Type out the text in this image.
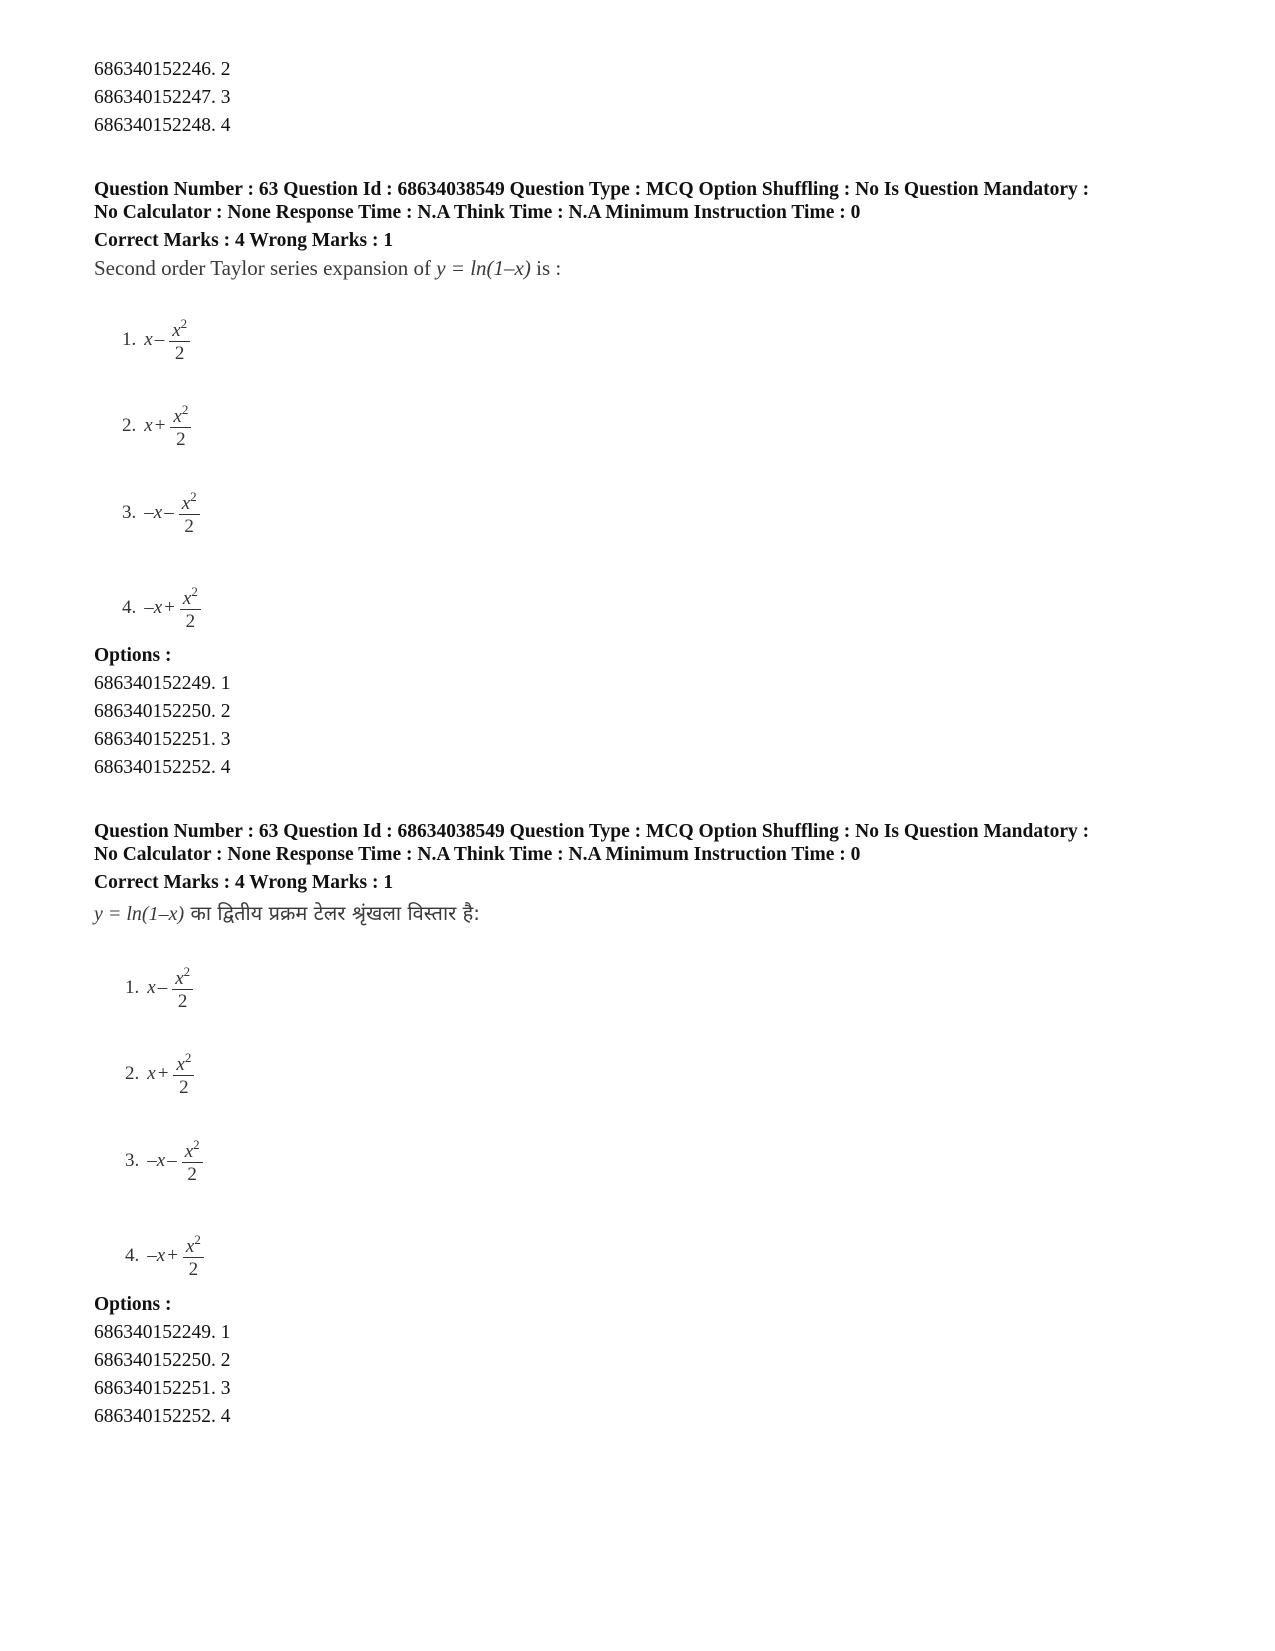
686340152246. 2
686340152247. 3
686340152248. 4
Question Number : 63 Question Id : 68634038549 Question Type : MCQ Option Shuffling : No Is Question Mandatory :
No Calculator : None Response Time : N.A Think Time : N.A Minimum Instruction Time : 0
Correct Marks : 4 Wrong Marks : 1
Second order Taylor series expansion of y = ln(1–x) is :
1. x – $\frac{x^2}{2}$
2. $x + \frac{x^2}{2}$
3. $-x - \frac{x^2}{2}$
4. $-x + \frac{x^2}{2}$
Options :
686340152249. 1
686340152250. 2
686340152251. 3
686340152252. 4
Question Number : 63 Question Id : 68634038549 Question Type : MCQ Option Shuffling : No Is Question Mandatory :
No Calculator : None Response Time : N.A Think Time : N.A Minimum Instruction Time : 0
Correct Marks : 4 Wrong Marks : 1
y = ln(1–x) का द्वितीय प्रक्रम टेलर श्रृंखला विस्तार है:
1. x – $\frac{x^2}{2}$
2. $x + \frac{x^2}{2}$
3. $-x - \frac{x^2}{2}$
4. $-x + \frac{x^2}{2}$
Options :
686340152249. 1
686340152250. 2
686340152251. 3
686340152252. 4
